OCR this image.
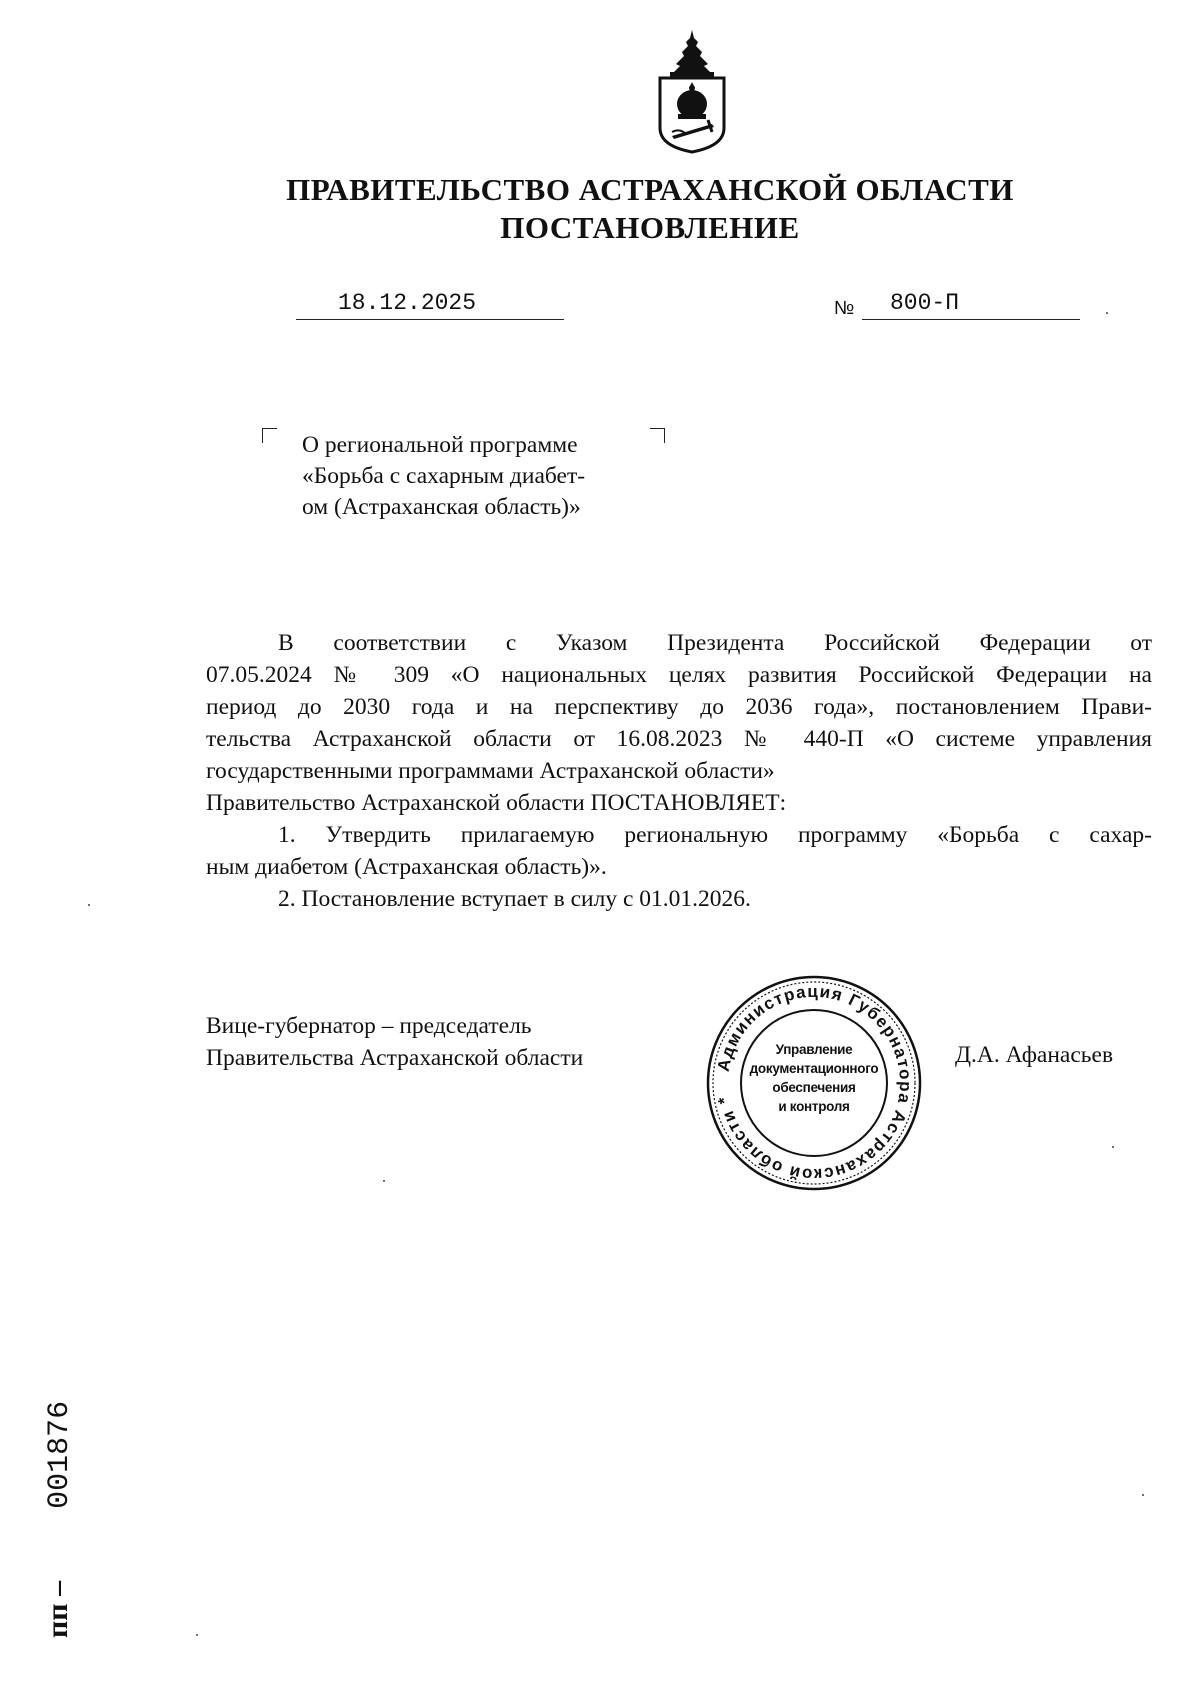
ПРАВИТЕЛЬСТВО АСТРАХАНСКОЙ ОБЛАСТИ
ПОСТАНОВЛЕНИЕ
18.12.2025	№	800-П
О региональной программе
«Борьба с сахарным диабет-
ом (Астраханская область)»
В соответствии с Указом Президента Российской Федерации от
07.05.2024 № 309 «О национальных целях развития Российской Федерации на
период до 2030 года и на перспективу до 2036 года», постановлением Прави-
тельства Астраханской области от 16.08.2023 № 440-П «О системе управления
государственными программами Астраханской области»
Правительство Астраханской области ПОСТАНОВЛЯЕТ:
1. Утвердить прилагаемую региональную программу «Борьба с сахар-
ным диабетом (Астраханская область)».
2. Постановление вступает в силу с 01.01.2026.
Вице-губернатор – председатель
Правительства Астраханской области	Администрация Губернатора Астраханской области *
Управление
документационного
обеспечения
и контроля
Д.А. Афанасьев
пп –    001876
